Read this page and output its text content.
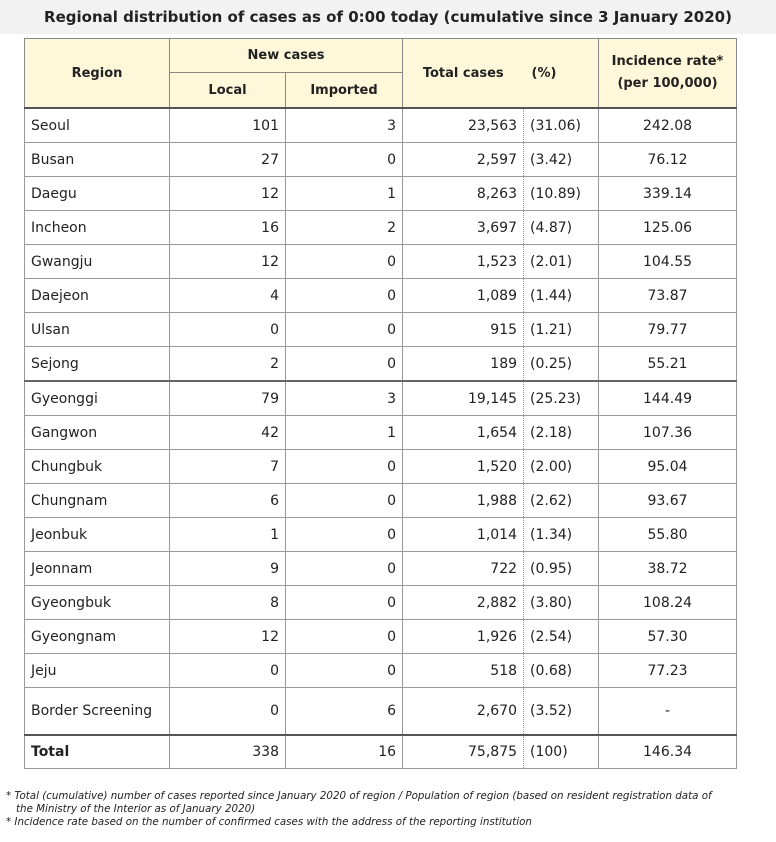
Regional distribution of cases as of 0:00 today (cumulative since 3 January 2020)
Region	New cases		Total cases	(%)	Incidence rate*
(per 100,000)

	Local	Imported			
Seoul	101	3	23,563	(31.06)	242.08
Busan	27	0	2,597	(3.42)	76.12
Daegu	12	1	8,263	(10.89)	339.14
Incheon	16	2	3,697	(4.87)	125.06
Gwangju	12	0	1,523	(2.01)	104.55
Daejeon	4	0	1,089	(1.44)	73.87
Ulsan	0	0	915	(1.21)	79.77
Sejong	2	0	189	(0.25)	55.21
Gyeonggi	79	3	19,145	(25.23)	144.49
Gangwon	42	1	1,654	(2.18)	107.36
Chungbuk	7	0	1,520	(2.00)	95.04
Chungnam	6	0	1,988	(2.62)	93.67
Jeonbuk	1	0	1,014	(1.34)	55.80
Jeonnam	9	0	722	(0.95)	38.72
Gyeongbuk	8	0	2,882	(3.80)	108.24
Gyeongnam	12	0	1,926	(2.54)	57.30
Jeju	0	0	518	(0.68)	77.23
Border Screening	0	6	2,670	(3.52)	-
Total	338	16	75,875	(100)	146.34
* Total (cumulative) number of cases reported since January 2020 of region / Population of region (based on resident registration data of
the Ministry of the Interior as of January 2020)
* Incidence rate based on the number of confirmed cases with the address of the reporting institution
